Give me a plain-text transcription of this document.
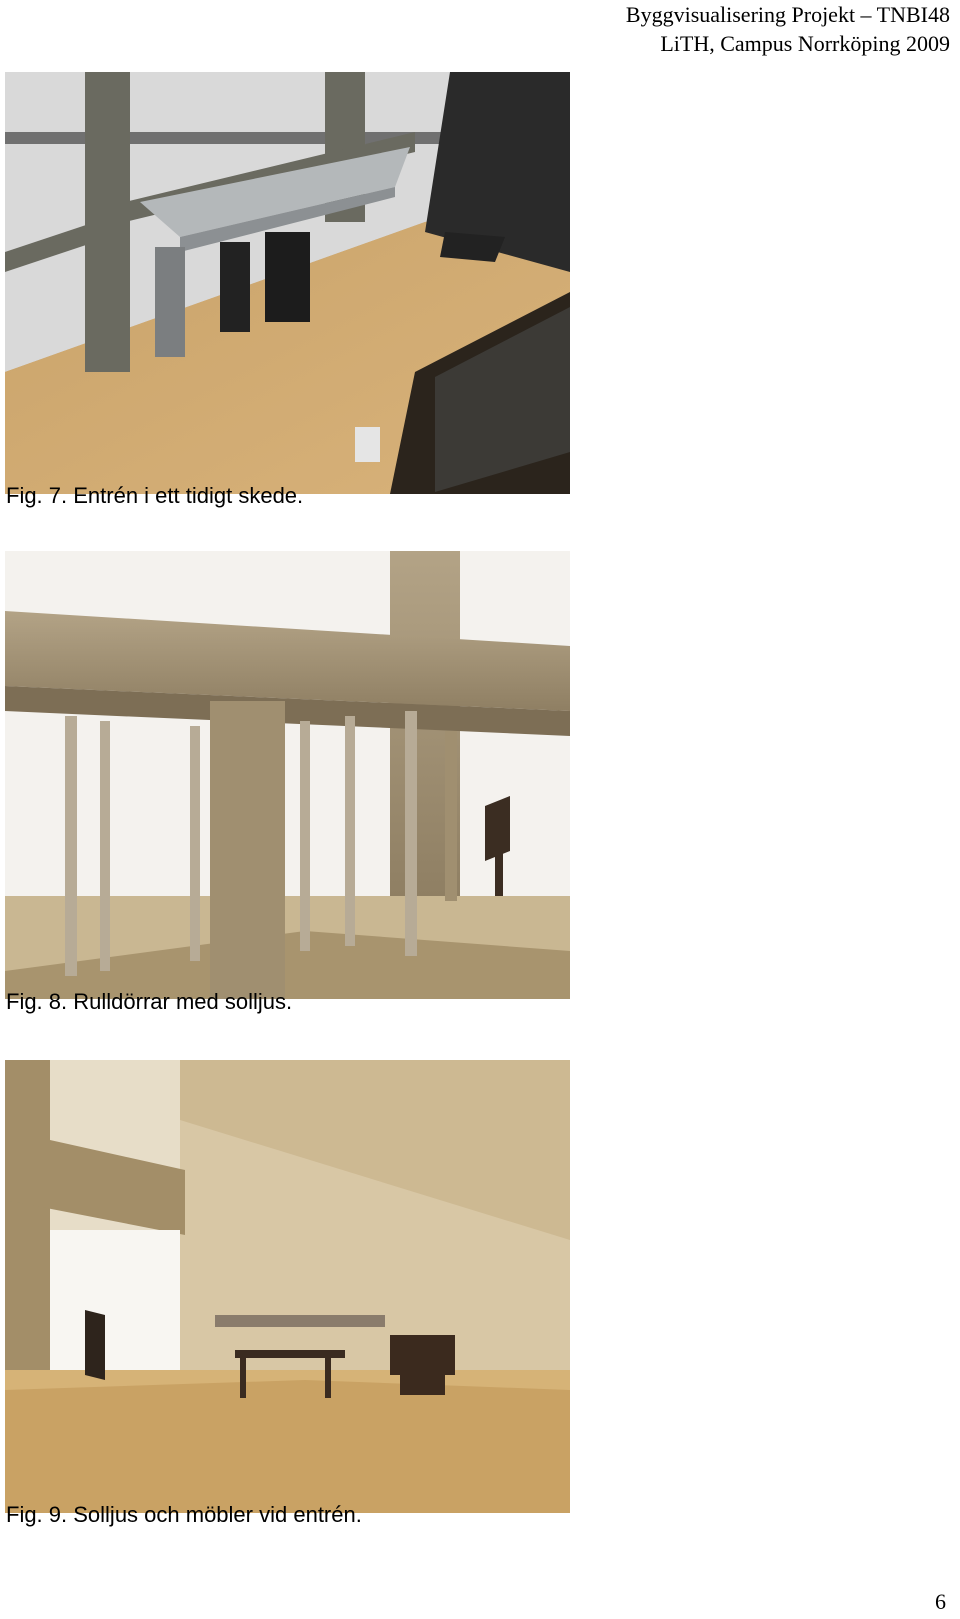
Byggvisualisering Projekt – TNBI48
LiTH, Campus Norrköping 2009
Fig. 7. Entrén i ett tidigt skede.
Fig. 8. Rulldörrar med solljus.
Fig. 9. Solljus och möbler vid entrén.
6
